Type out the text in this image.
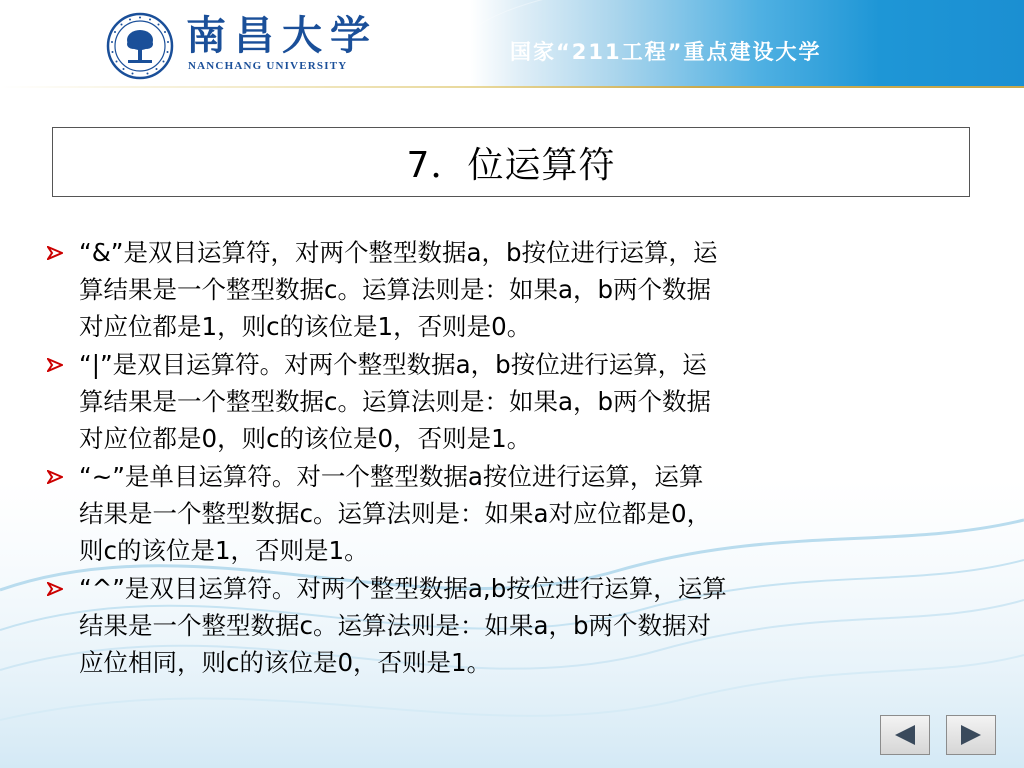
南昌大学
NANCHANG UNIVERSITY
国家“211工程”重点建设大学
7．位运算符
“&”是双目运算符，对两个整型数据a，b按位进行运算，运
算结果是一个整型数据c。运算法则是：如果a，b两个数据
对应位都是1，则c的该位是1，否则是0。
“|”是双目运算符。对两个整型数据a，b按位进行运算，运
算结果是一个整型数据c。运算法则是：如果a，b两个数据
对应位都是0，则c的该位是0，否则是1。
“~”是单目运算符。对一个整型数据a按位进行运算，运算
结果是一个整型数据c。运算法则是：如果a对应位都是0，
则c的该位是1，否则是1。
“^”是双目运算符。对两个整型数据a,b按位进行运算，运算
结果是一个整型数据c。运算法则是：如果a，b两个数据对
应位相同，则c的该位是0，否则是1。
